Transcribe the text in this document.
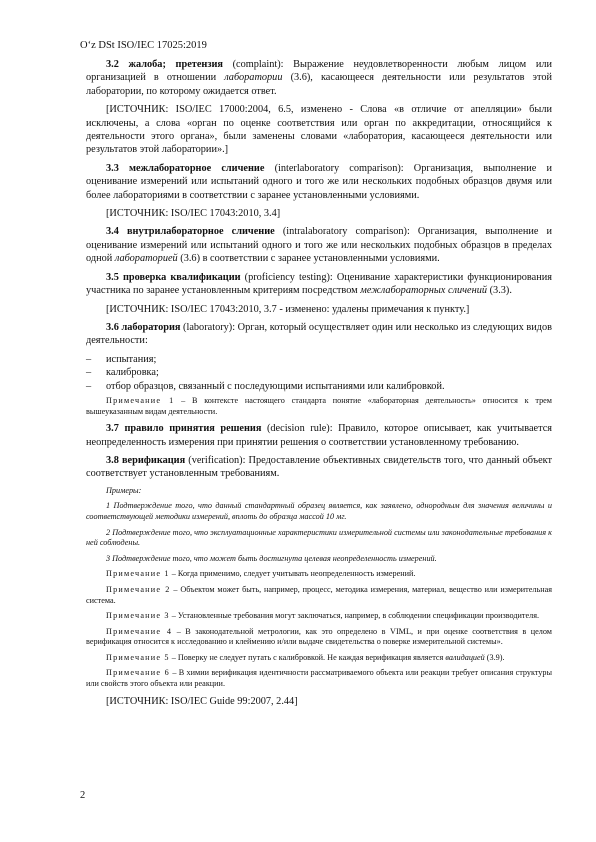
O‘z DSt ISO/IEC 17025:2019

3.2 жалоба; претензия (complaint): Выражение неудовлетворенности любым лицом или организацией в отношении лаборатории (3.6), касающееся деятельности или результатов этой лаборатории, по которому ожидается ответ.

[ИСТОЧНИК: ISO/IEC 17000:2004, 6.5, изменено - Слова «в отличие от апелляции» были исключены, а слова «орган по оценке соответствия или орган по аккредитации, относящийся к деятельности этого органа», были заменены словами «лаборатория, касающееся деятельности или результатов этой лаборатории».]

3.3 межлабораторное сличение (interlaboratory comparison): Организация, выполнение и оценивание измерений или испытаний одного и того же или нескольких подобных образцов двумя или более лабораториями в соответствии с заранее установленными условиями.

[ИСТОЧНИК: ISO/IEC 17043:2010, 3.4]

3.4 внутрилабораторное сличение (intralaboratory comparison): Организация, выполнение и оценивание измерений или испытаний одного и того же или нескольких подобных образцов в пределах одной лабораторией (3.6) в соответствии с заранее установленными условиями.

3.5 проверка квалификации (proficiency testing): Оценивание характеристики функционирования участника по заранее установленным критериям посредством межлабораторных сличений (3.3).

[ИСТОЧНИК: ISO/IEC 17043:2010, 3.7 - изменено: удалены примечания к пункту.]

3.6 лаборатория (laboratory): Орган, который осуществляет один или несколько из следующих видов деятельности:

– испытания;
– калибровка;
– отбор образцов, связанный с последующими испытаниями или калибровкой.

Примечание 1 – В контексте настоящего стандарта понятие «лабораторная деятельность» относится к трем вышеуказанным видам деятельности.

3.7 правило принятия решения (decision rule): Правило, которое описывает, как учитывается неопределенность измерения при принятии решения о соответствии установленному требованию.

3.8 верификация (verification): Предоставление объективных свидетельств того, что данный объект соответствует установленным требованиям.

Примеры:

1 Подтверждение того, что данный стандартный образец является, как заявлено, однородным для значения величины и соответствующей методики измерений, вплоть до образца массой 10 мг.

2 Подтверждение того, что эксплуатационные характеристики измерительной системы или законодательные требования к ней соблюдены.

3 Подтверждение того, что может быть достигнута целевая неопределенность измерений.

Примечание 1 – Когда применимо, следует учитывать неопределенность измерений.

Примечание 2 – Объектом может быть, например, процесс, методика измерения, материал, вещество или измерительная система.

Примечание 3 – Установленные требования могут заключаться, например, в соблюдении спецификации производителя.

Примечание 4 – В законодательной метрологии, как это определено в VIML, и при оценке соответствия в целом верификация относится к исследованию и клеймению и/или выдаче свидетельства о поверке измерительной системы».

Примечание 5 – Поверку не следует путать с калибровкой. Не каждая верификация является валидацией (3.9).

Примечание 6 – В химии верификация идентичности рассматриваемого объекта или реакции требует описания структуры или свойств этого объекта или реакции.

[ИСТОЧНИК: ISO/IEC Guide 99:2007, 2.44]

2
